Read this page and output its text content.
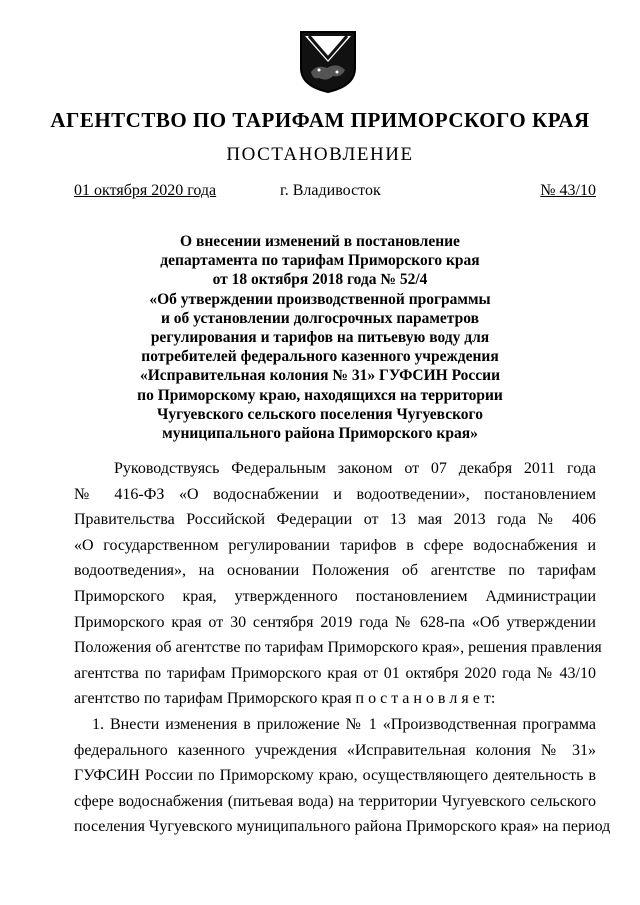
АГЕНТСТВО ПО ТАРИФАМ ПРИМОРСКОГО КРАЯ
ПОСТАНОВЛЕНИЕ
01 октября 2020 года	г. Владивосток	№ 43/10
О внесении изменений в постановление
департамента по тарифам Приморского края
от 18 октября 2018 года № 52/4
«Об утверждении производственной программы
и об установлении долгосрочных параметров
регулирования и тарифов на питьевую воду для
потребителей федерального казенного учреждения
«Исправительная колония № 31» ГУФСИН России
по Приморскому краю, находящихся на территории
Чугуевского сельского поселения Чугуевского
муниципального района Приморского края»
Руководствуясь Федеральным законом от 07 декабря 2011 года
№ 416-ФЗ «О водоснабжении и водоотведении», постановлением
Правительства Российской Федерации от 13 мая 2013 года № 406
«О государственном регулировании тарифов в сфере водоснабжения и
водоотведения», на основании Положения об агентстве по тарифам
Приморского края, утвержденного постановлением Администрации
Приморского края от 30 сентября 2019 года № 628-па «Об утверждении
Положения об агентстве по тарифам Приморского края», решения правления
агентства по тарифам Приморского края от 01 октября 2020 года № 43/10
агентство по тарифам Приморского края п о с т а н о в л я е т:
1. Внести изменения в приложение № 1 «Производственная программа
федерального казенного учреждения «Исправительная колония № 31»
ГУФСИН России по Приморскому краю, осуществляющего деятельность в
сфере водоснабжения (питьевая вода) на территории Чугуевского сельского
поселения Чугуевского муниципального района Приморского края» на период
